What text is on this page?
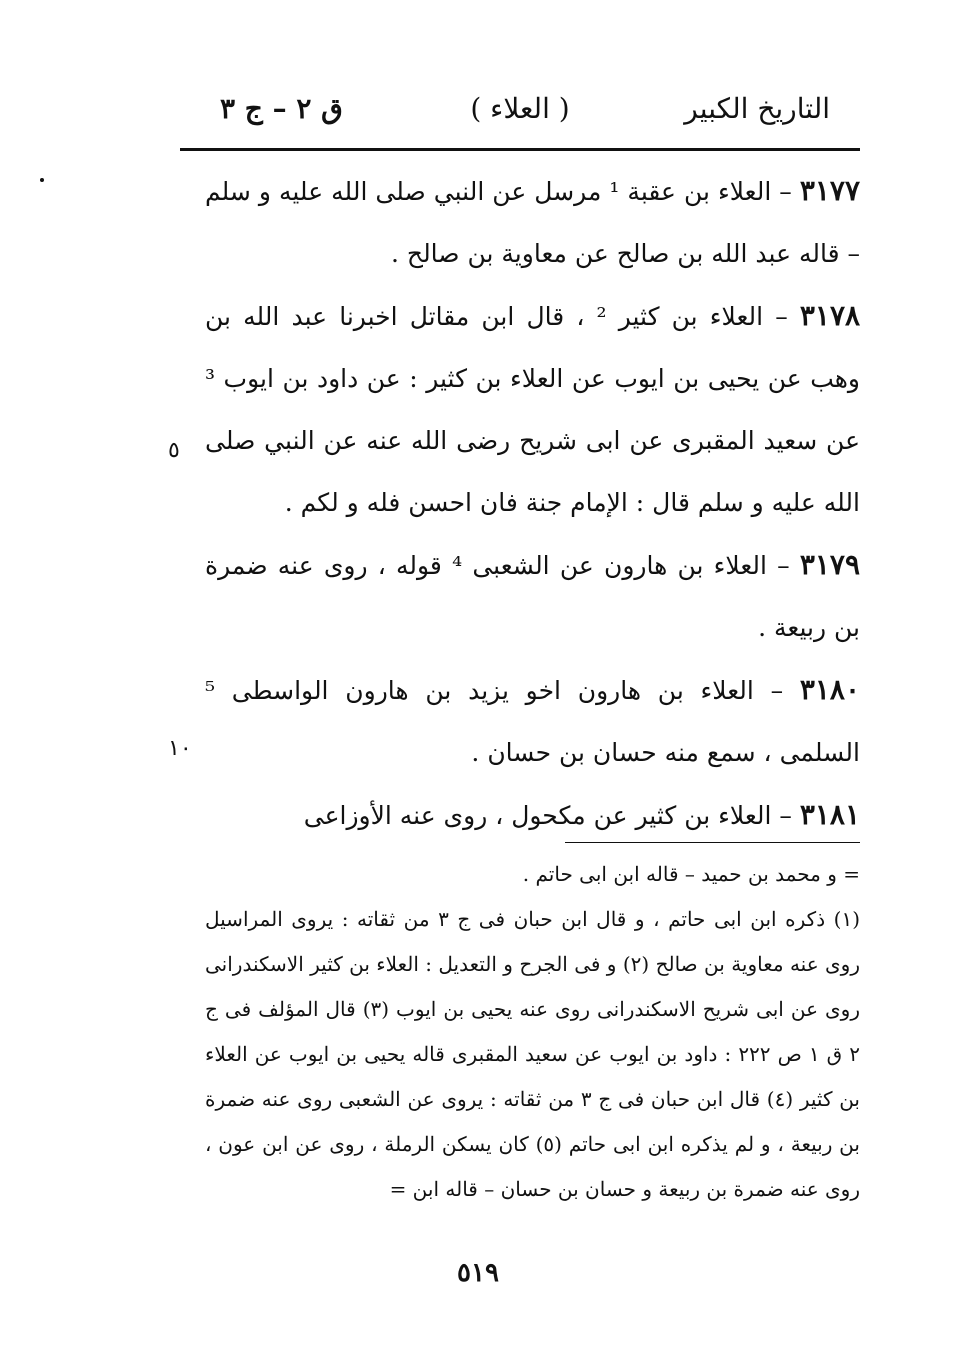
التاريخ الكبير
( العلاء )
ق ٢ – ج ٣

٣١٧٧ – العلاء بن عقبة ¹ مرسل عن النبي صلى الله عليه و سلم – قاله عبد الله بن صالح عن معاوية بن صالح .

٣١٧٨ – العلاء بن كثير ² ، قال ابن مقاتل اخبرنا عبد الله بن وهب عن يحيى بن ايوب عن العلاء بن كثير : عن داود بن ايوب ³ عن سعيد المقبرى عن ابى شريح رضى الله عنه عن النبي صلى الله عليه و سلم قال : الإمام جنة فان احسن فله و لكم .

٣١٧٩ – العلاء بن هارون عن الشعبى ⁴ قوله ، روى عنه ضمرة بن ربيعة .

٣١٨٠ – العلاء بن هارون اخو يزيد بن هارون الواسطى ⁵ السلمى ، سمع منه حسان بن حسان .

٣١٨١ – العلاء بن كثير عن مكحول ، روى عنه الأوزاعى

٥
١٠

= و محمد بن حميد – قاله ابن ابى حاتم .

(١) ذكره ابن ابى حاتم ، و قال ابن حبان فى ج ٣ من ثقاته : يروى المراسيل روى عنه معاوية بن صالح (٢) و فى الجرح و التعديل : العلاء بن كثير الاسكندرانى روى عن ابى شريح الاسكندرانى روى عنه يحيى بن ايوب (٣) قال المؤلف فى ج ٢ ق ١ ص ٢٢٢ : داود بن ايوب عن سعيد المقبرى قاله يحيى بن ايوب عن العلاء بن كثير (٤) قال ابن حبان فى ج ٣ من ثقاته : يروى عن الشعبى روى عنه ضمرة بن ربيعة ، و لم يذكره ابن ابى حاتم (٥) كان يسكن الرملة ، روى عن ابن عون ، روى عنه ضمرة بن ربيعة و حسان بن حسان – قاله ابن =

٥١٩
